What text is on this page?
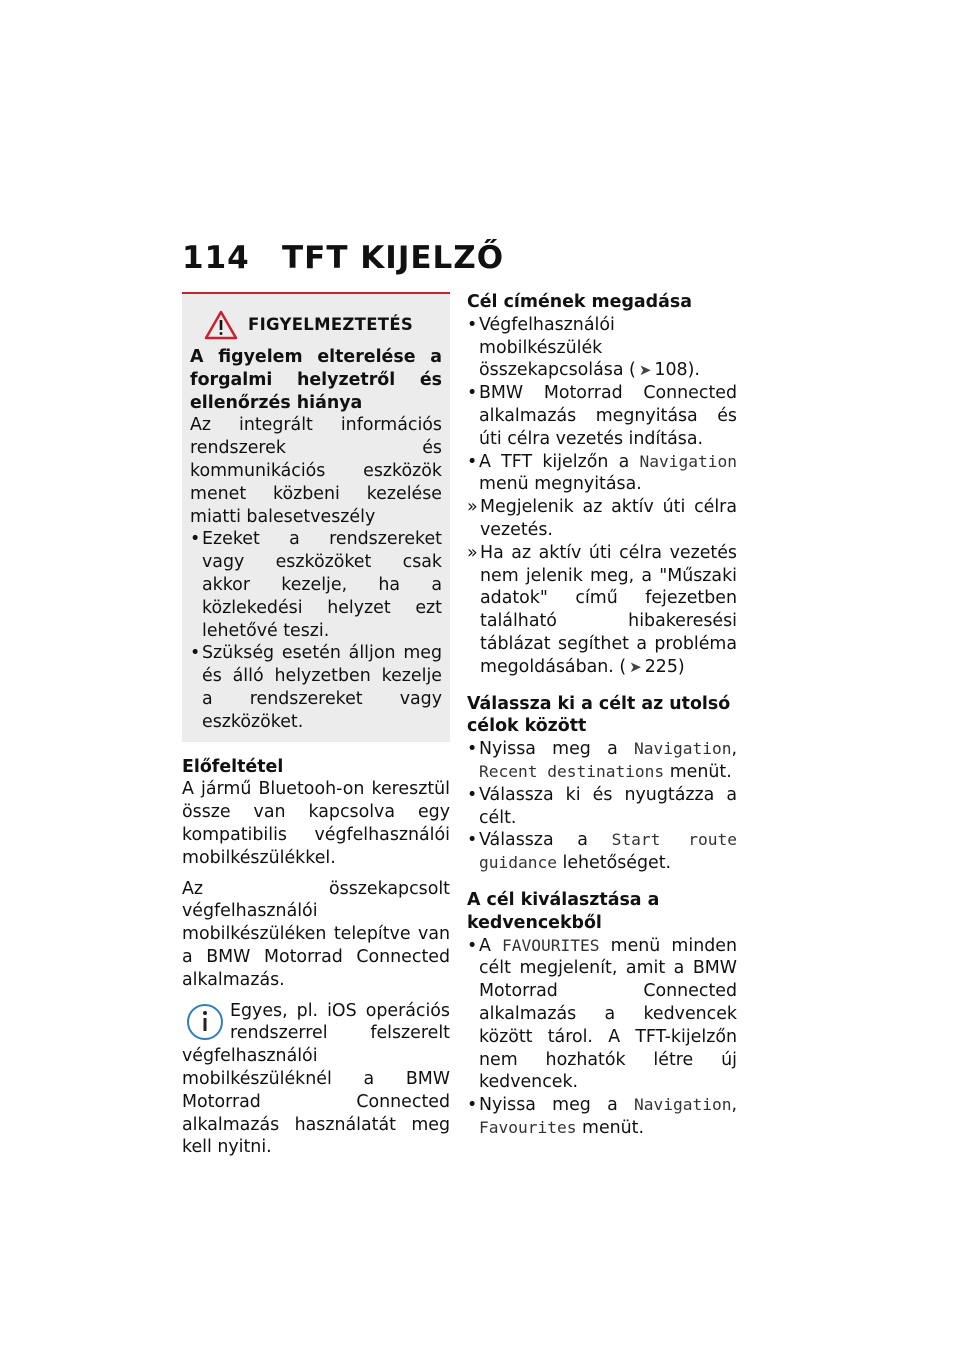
114 TFT KIJELZŐ
FIGYELMEZTETÉS
A figyelem elterelése a forgalmi helyzetről és ellenőrzés hiánya
Az integrált információs rendszerek és kommunikációs eszközök menet közbeni kezelése miatti balesetveszély
• Ezeket a rendszereket vagy eszközöket csak akkor kezelje, ha a közlekedési helyzet ezt lehetővé teszi.
• Szükség esetén álljon meg és álló helyzetben kezelje a rendszereket vagy eszközöket.
Előfeltétel

A jármű Bluetooh-on keresztül össze van kapcsolva egy kompatibilis végfelhasználói mobilkészülékkel.

Az összekapcsolt végfelhasználói mobilkészüléken telepítve van a BMW Motorrad Connected alkalmazás.

Egyes, pl. iOS operációs rendszerrel felszerelt végfelhasználói mobilkészüléknél a BMW Motorrad Connected alkalmazás használatát meg kell nyitni.
Cél címének megadása
• Végfelhasználói mobilkészülék összekapcsolása ( ➤ 108).
• BMW Motorrad Connected alkalmazás megnyitása és úti célra vezetés indítása.
• A TFT kijelzőn a Navigation menü megnyitása.
» Megjelenik az aktív úti célra vezetés.
» Ha az aktív úti célra vezetés nem jelenik meg, a "Műszaki adatok" című fejezetben található hibakeresési táblázat segíthet a probléma megoldásában. ( ➤ 225)
Válassza ki a célt az utolsó célok között
• Nyissa meg a Navigation, Recent destinations menüt.
• Válassza ki és nyugtázza a célt.
• Válassza a Start route guidance lehetőséget.
A cél kiválasztása a kedvencekből
• A FAVOURITES menü minden célt megjelenít, amit a BMW Motorrad Connected alkalmazás a kedvencek között tárol. A TFT-kijelzőn nem hozhatók létre új kedvencek.
• Nyissa meg a Navigation, Favourites menüt.
